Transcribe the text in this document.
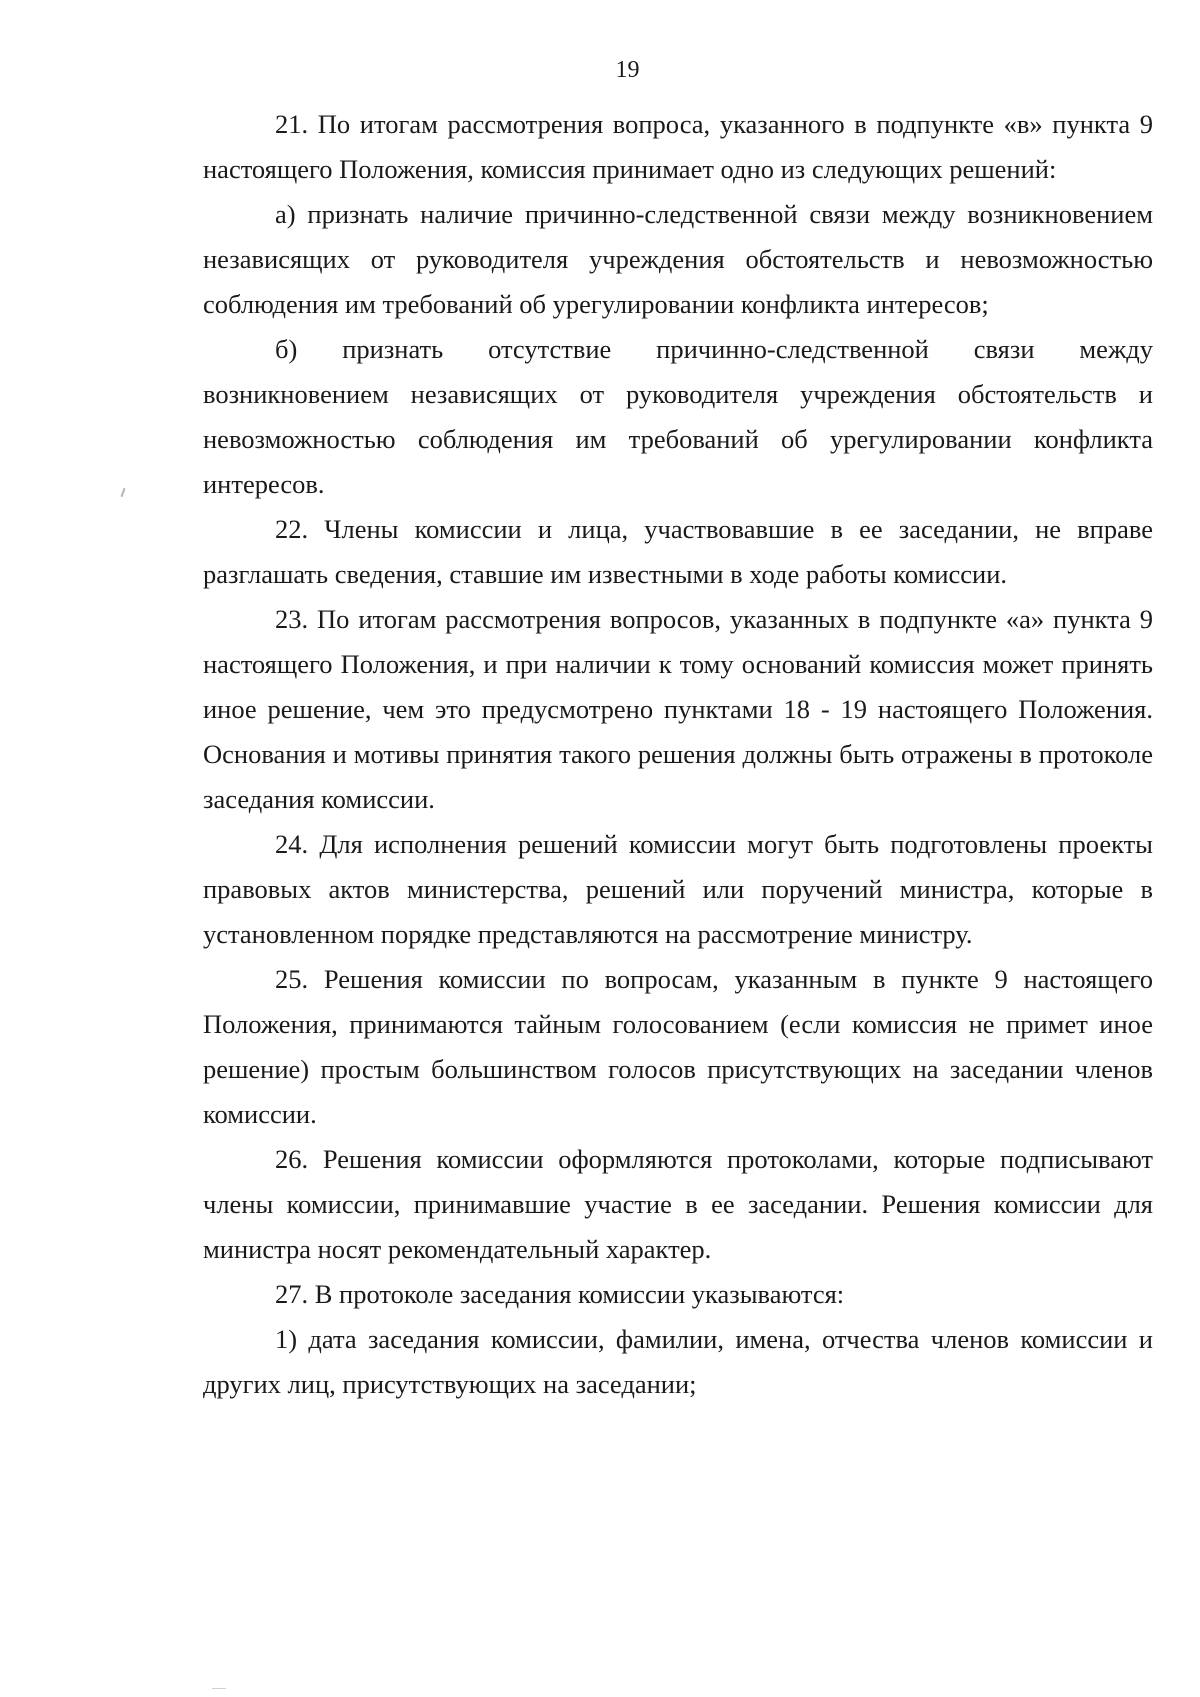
19

21. По итогам рассмотрения вопроса, указанного в подпункте «в» пункта 9 настоящего Положения, комиссия принимает одно из следующих решений:

а) признать наличие причинно-следственной связи между возникновением независящих от руководителя учреждения обстоятельств и невозможностью соблюдения им требований об урегулировании конфликта интересов;

б) признать отсутствие причинно-следственной связи между возникновением независящих от руководителя учреждения обстоятельств и невозможностью соблюдения им требований об урегулировании конфликта интересов.

22. Члены комиссии и лица, участвовавшие в ее заседании, не вправе разглашать сведения, ставшие им известными в ходе работы комиссии.

23. По итогам рассмотрения вопросов, указанных в подпункте «а» пункта 9 настоящего Положения, и при наличии к тому оснований комиссия может принять иное решение, чем это предусмотрено пунктами 18 - 19 настоящего Положения. Основания и мотивы принятия такого решения должны быть отражены в протоколе заседания комиссии.

24. Для исполнения решений комиссии могут быть подготовлены проекты правовых актов министерства, решений или поручений министра, которые в установленном порядке представляются на рассмотрение министру.

25. Решения комиссии по вопросам, указанным в пункте 9 настоящего Положения, принимаются тайным голосованием (если комиссия не примет иное решение) простым большинством голосов присутствующих на заседании членов комиссии.

26. Решения комиссии оформляются протоколами, которые подписывают члены комиссии, принимавшие участие в ее заседании. Решения комиссии для министра носят рекомендательный характер.

27. В протоколе заседания комиссии указываются:

1) дата заседания комиссии, фамилии, имена, отчества членов комиссии и других лиц, присутствующих на заседании;
